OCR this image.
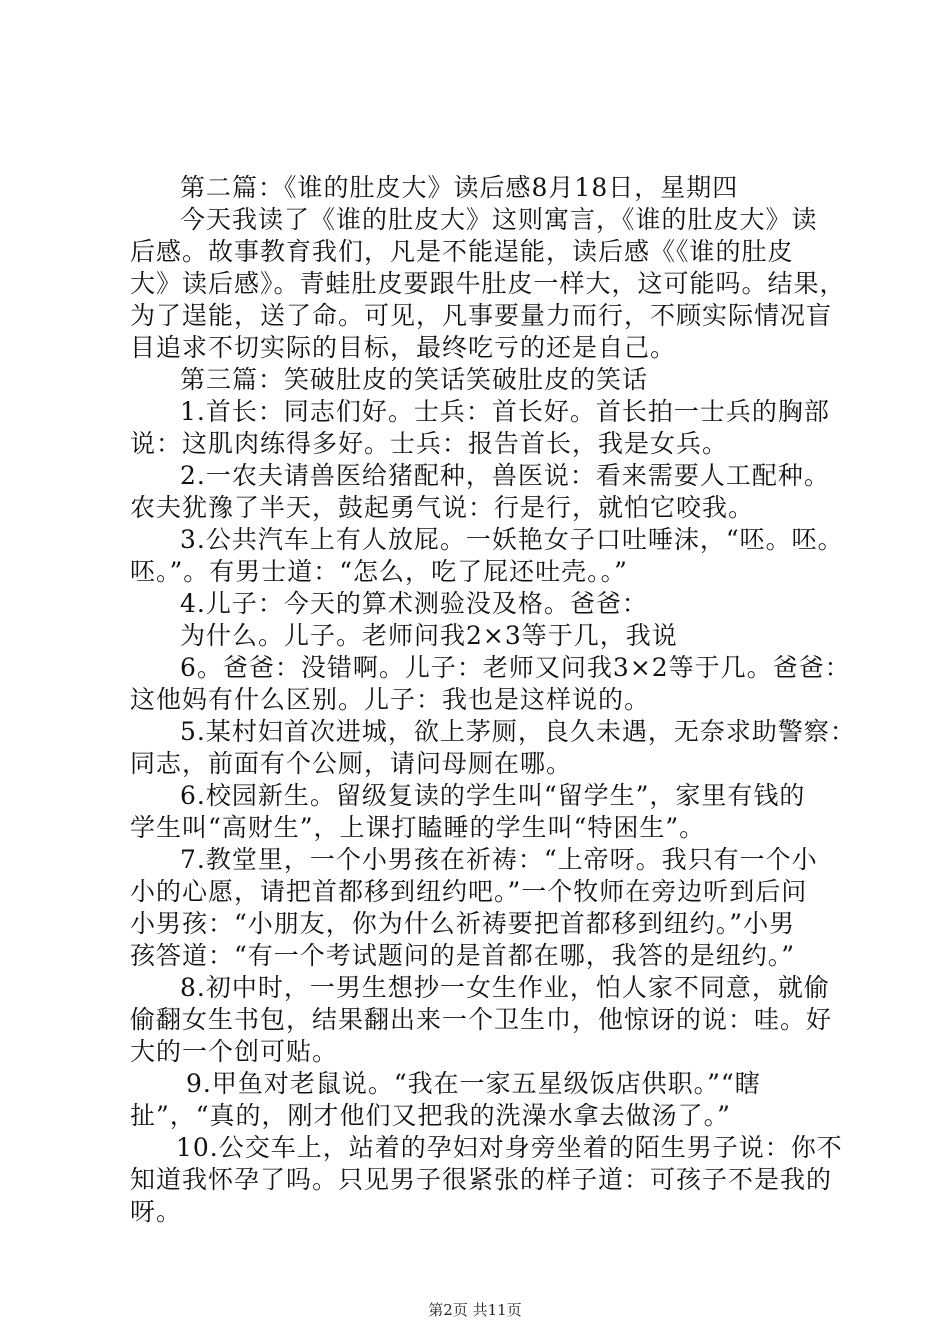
第二篇：《谁的肚皮大》读后感8月18日，星期四
今天我读了《谁的肚皮大》这则寓言，《谁的肚皮大》读
后感。故事教育我们，凡是不能逞能，读后感《《谁的肚皮
大》读后感》。青蛙肚皮要跟牛肚皮一样大，这可能吗。结果，
为了逞能，送了命。可见，凡事要量力而行，不顾实际情况盲
目追求不切实际的目标，最终吃亏的还是自己。
第三篇：笑破肚皮的笑话笑破肚皮的笑话
1.首长：同志们好。士兵：首长好。首长拍一士兵的胸部
说：这肌肉练得多好。士兵：报告首长，我是女兵。
2.一农夫请兽医给猪配种，兽医说：看来需要人工配种。
农夫犹豫了半天，鼓起勇气说：行是行，就怕它咬我。
3.公共汽车上有人放屁。一妖艳女子口吐唾沫，“呸。呸。
呸。”。有男士道：“怎么，吃了屁还吐壳。。”
4.儿子：今天的算术测验没及格。爸爸：
为什么。儿子。老师问我2×3等于几，我说
6。爸爸：没错啊。儿子：老师又问我3×2等于几。爸爸：
这他妈有什么区别。儿子：我也是这样说的。
5.某村妇首次进城，欲上茅厕，良久未遇，无奈求助警察：
同志，前面有个公厕，请问母厕在哪。
6.校园新生。留级复读的学生叫“留学生”，家里有钱的
学生叫“高财生”，上课打瞌睡的学生叫“特困生”。
7.教堂里，一个小男孩在祈祷：“上帝呀。我只有一个小
小的心愿，请把首都移到纽约吧。”一个牧师在旁边听到后问
小男孩：“小朋友，你为什么祈祷要把首都移到纽约。”小男
孩答道：“有一个考试题问的是首都在哪，我答的是纽约。”
8.初中时，一男生想抄一女生作业，怕人家不同意，就偷
偷翻女生书包，结果翻出来一个卫生巾，他惊讶的说：哇。好
大的一个创可贴。
9.甲鱼对老鼠说。“我在一家五星级饭店供职。”“瞎
扯”，“真的，刚才他们又把我的洗澡水拿去做汤了。”
10.公交车上，站着的孕妇对身旁坐着的陌生男子说：你不
知道我怀孕了吗。只见男子很紧张的样子道：可孩子不是我的
呀。
第2页 共11页
